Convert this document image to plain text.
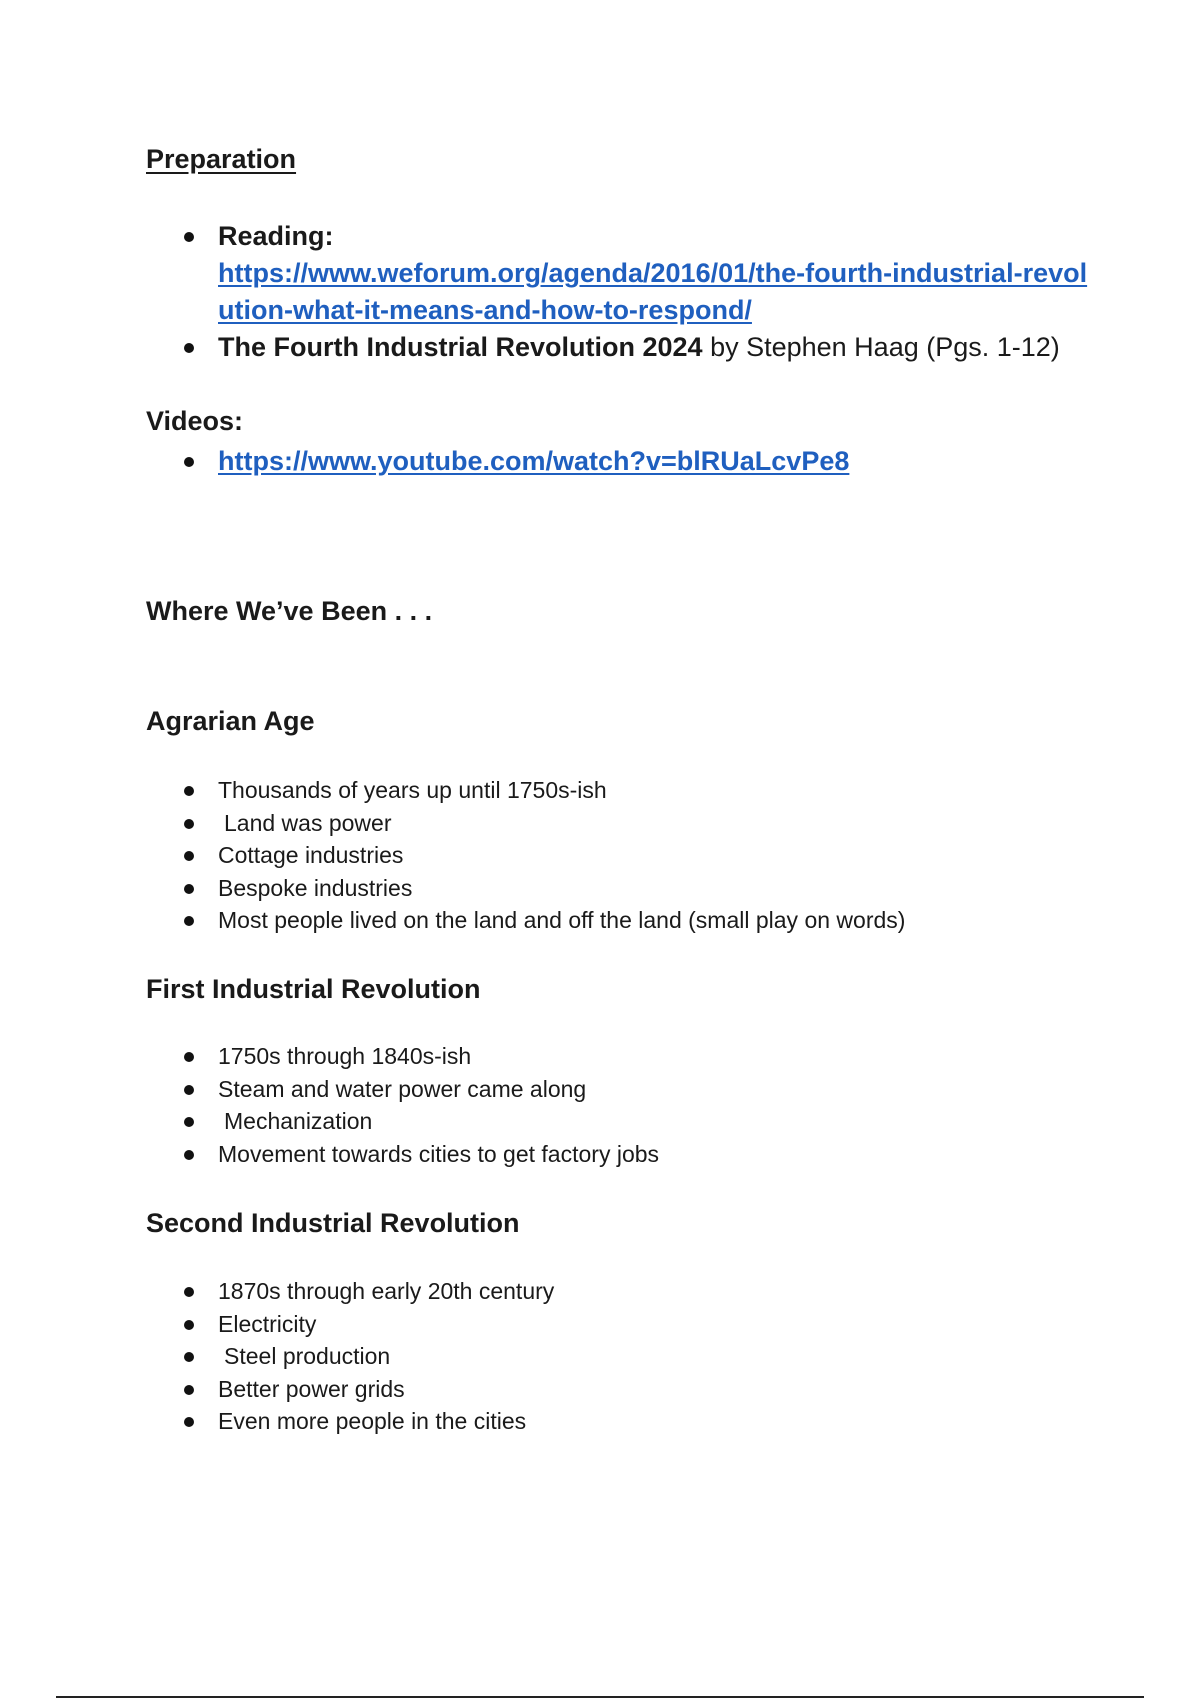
Preparation
Reading:
https://www.weforum.org/agenda/2016/01/the-fourth-industrial-revolution-what-it-means-and-how-to-respond/
The Fourth Industrial Revolution 2024 by Stephen Haag (Pgs. 1-12)
Videos:
https://www.youtube.com/watch?v=blRUaLcvPe8
Where We’ve Been . . .
Agrarian Age
Thousands of years up until 1750s-ish
Land was power
Cottage industries
Bespoke industries
Most people lived on the land and off the land (small play on words)
First Industrial Revolution
1750s through 1840s-ish
Steam and water power came along
Mechanization
Movement towards cities to get factory jobs
Second Industrial Revolution
1870s through early 20th century
Electricity
Steel production
Better power grids
Even more people in the cities
